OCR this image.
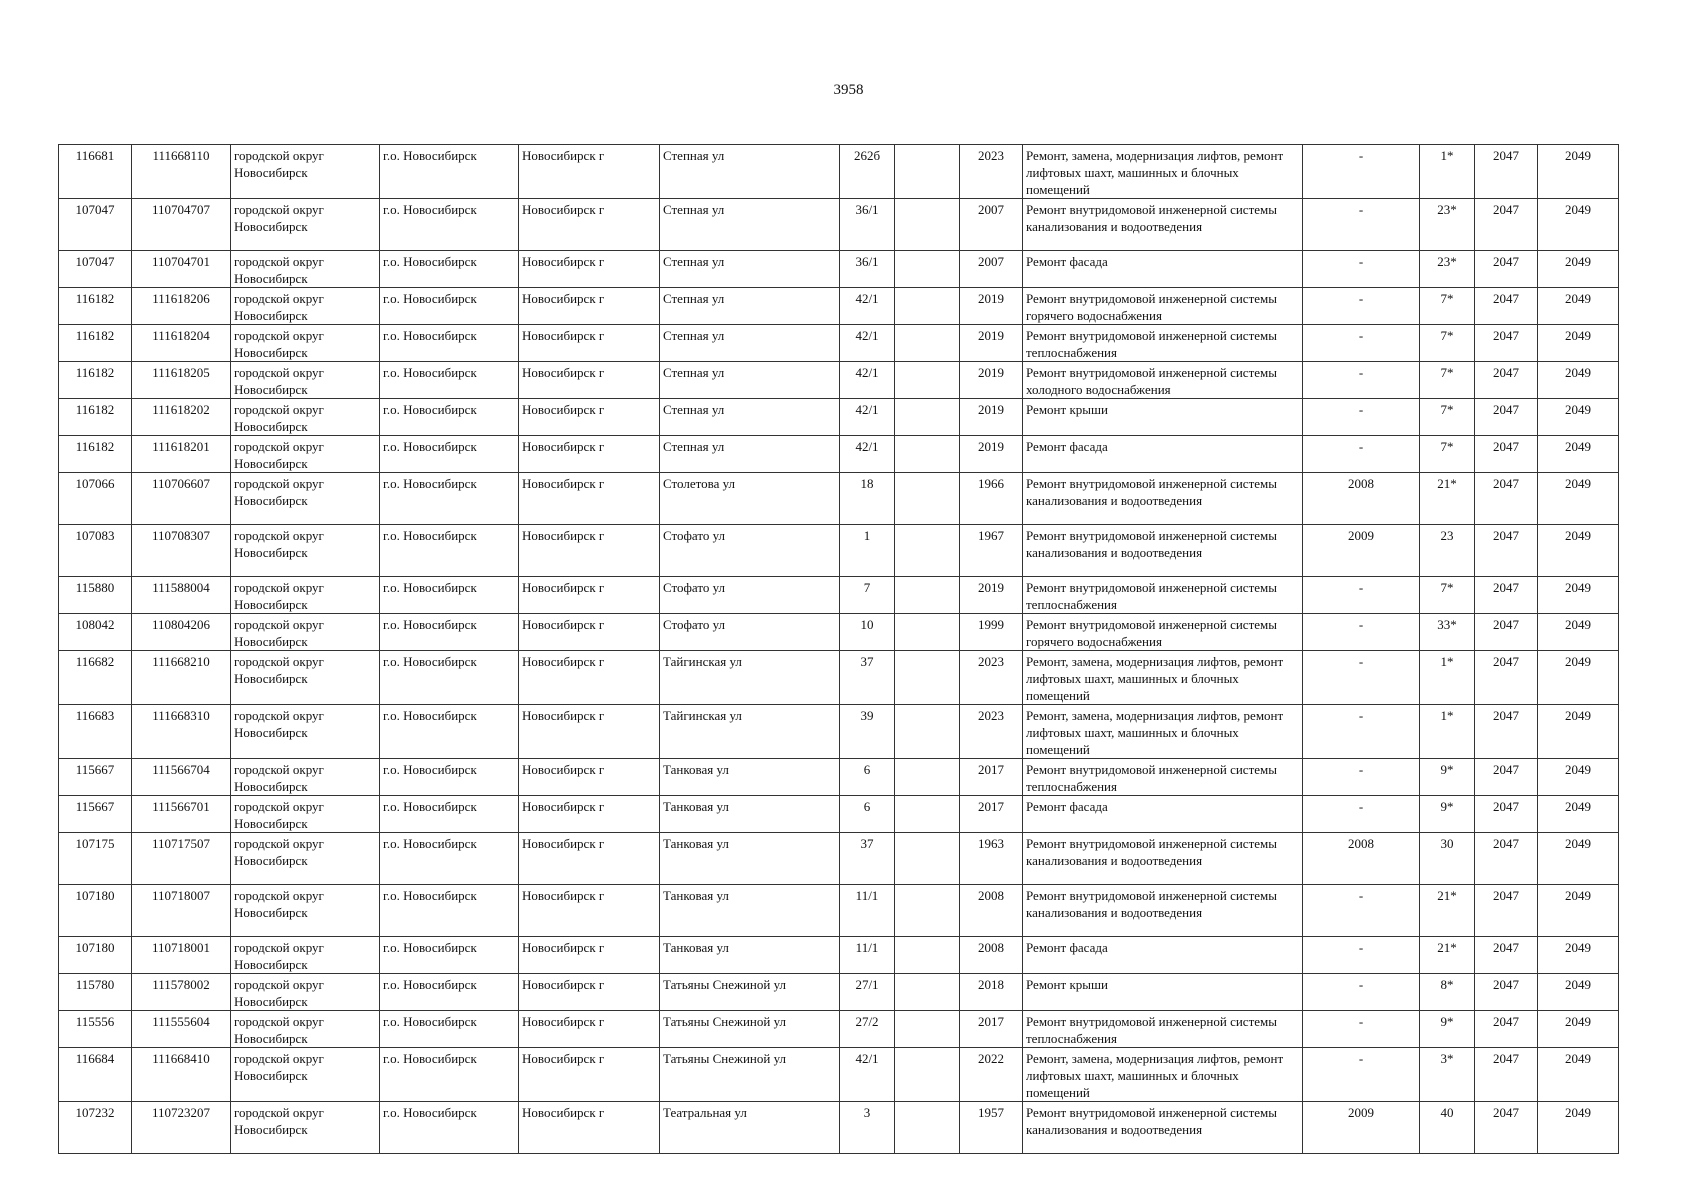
3958
116681	111668110	городской округ Новосибирск	г.о. Новосибирск	Новосибирск г	Степная ул	262б		2023	Ремонт, замена, модернизация лифтов, ремонт лифтовых шахт, машинных и блочных помещений	-	1*	2047	2049
107047	110704707	городской округ Новосибирск	г.о. Новосибирск	Новосибирск г	Степная ул	36/1		2007	Ремонт внутридомовой инженерной системы канализования и водоотведения	-	23*	2047	2049
107047	110704701	городской округ Новосибирск	г.о. Новосибирск	Новосибирск г	Степная ул	36/1		2007	Ремонт фасада	-	23*	2047	2049
116182	111618206	городской округ Новосибирск	г.о. Новосибирск	Новосибирск г	Степная ул	42/1		2019	Ремонт внутридомовой инженерной системы горячего водоснабжения	-	7*	2047	2049
116182	111618204	городской округ Новосибирск	г.о. Новосибирск	Новосибирск г	Степная ул	42/1		2019	Ремонт внутридомовой инженерной системы теплоснабжения	-	7*	2047	2049
116182	111618205	городской округ Новосибирск	г.о. Новосибирск	Новосибирск г	Степная ул	42/1		2019	Ремонт внутридомовой инженерной системы холодного водоснабжения	-	7*	2047	2049
116182	111618202	городской округ Новосибирск	г.о. Новосибирск	Новосибирск г	Степная ул	42/1		2019	Ремонт крыши	-	7*	2047	2049
116182	111618201	городской округ Новосибирск	г.о. Новосибирск	Новосибирск г	Степная ул	42/1		2019	Ремонт фасада	-	7*	2047	2049
107066	110706607	городской округ Новосибирск	г.о. Новосибирск	Новосибирск г	Столетова ул	18		1966	Ремонт внутридомовой инженерной системы канализования и водоотведения	2008	21*	2047	2049
107083	110708307	городской округ Новосибирск	г.о. Новосибирск	Новосибирск г	Стофато ул	1		1967	Ремонт внутридомовой инженерной системы канализования и водоотведения	2009	23	2047	2049
115880	111588004	городской округ Новосибирск	г.о. Новосибирск	Новосибирск г	Стофато ул	7		2019	Ремонт внутридомовой инженерной системы теплоснабжения	-	7*	2047	2049
108042	110804206	городской округ Новосибирск	г.о. Новосибирск	Новосибирск г	Стофато ул	10		1999	Ремонт внутридомовой инженерной системы горячего водоснабжения	-	33*	2047	2049
116682	111668210	городской округ Новосибирск	г.о. Новосибирск	Новосибирск г	Тайгинская ул	37		2023	Ремонт, замена, модернизация лифтов, ремонт лифтовых шахт, машинных и блочных помещений	-	1*	2047	2049
116683	111668310	городской округ Новосибирск	г.о. Новосибирск	Новосибирск г	Тайгинская ул	39		2023	Ремонт, замена, модернизация лифтов, ремонт лифтовых шахт, машинных и блочных помещений	-	1*	2047	2049
115667	111566704	городской округ Новосибирск	г.о. Новосибирск	Новосибирск г	Танковая ул	6		2017	Ремонт внутридомовой инженерной системы теплоснабжения	-	9*	2047	2049
115667	111566701	городской округ Новосибирск	г.о. Новосибирск	Новосибирск г	Танковая ул	6		2017	Ремонт фасада	-	9*	2047	2049
107175	110717507	городской округ Новосибирск	г.о. Новосибирск	Новосибирск г	Танковая ул	37		1963	Ремонт внутридомовой инженерной системы канализования и водоотведения	2008	30	2047	2049
107180	110718007	городской округ Новосибирск	г.о. Новосибирск	Новосибирск г	Танковая ул	11/1		2008	Ремонт внутридомовой инженерной системы канализования и водоотведения	-	21*	2047	2049
107180	110718001	городской округ Новосибирск	г.о. Новосибирск	Новосибирск г	Танковая ул	11/1		2008	Ремонт фасада	-	21*	2047	2049
115780	111578002	городской округ Новосибирск	г.о. Новосибирск	Новосибирск г	Татьяны Снежиной ул	27/1		2018	Ремонт крыши	-	8*	2047	2049
115556	111555604	городской округ Новосибирск	г.о. Новосибирск	Новосибирск г	Татьяны Снежиной ул	27/2		2017	Ремонт внутридомовой инженерной системы теплоснабжения	-	9*	2047	2049
116684	111668410	городской округ Новосибирск	г.о. Новосибирск	Новосибирск г	Татьяны Снежиной ул	42/1		2022	Ремонт, замена, модернизация лифтов, ремонт лифтовых шахт, машинных и блочных помещений	-	3*	2047	2049
107232	110723207	городской округ Новосибирск	г.о. Новосибирск	Новосибирск г	Театральная ул	3		1957	Ремонт внутридомовой инженерной системы канализования и водоотведения	2009	40	2047	2049
